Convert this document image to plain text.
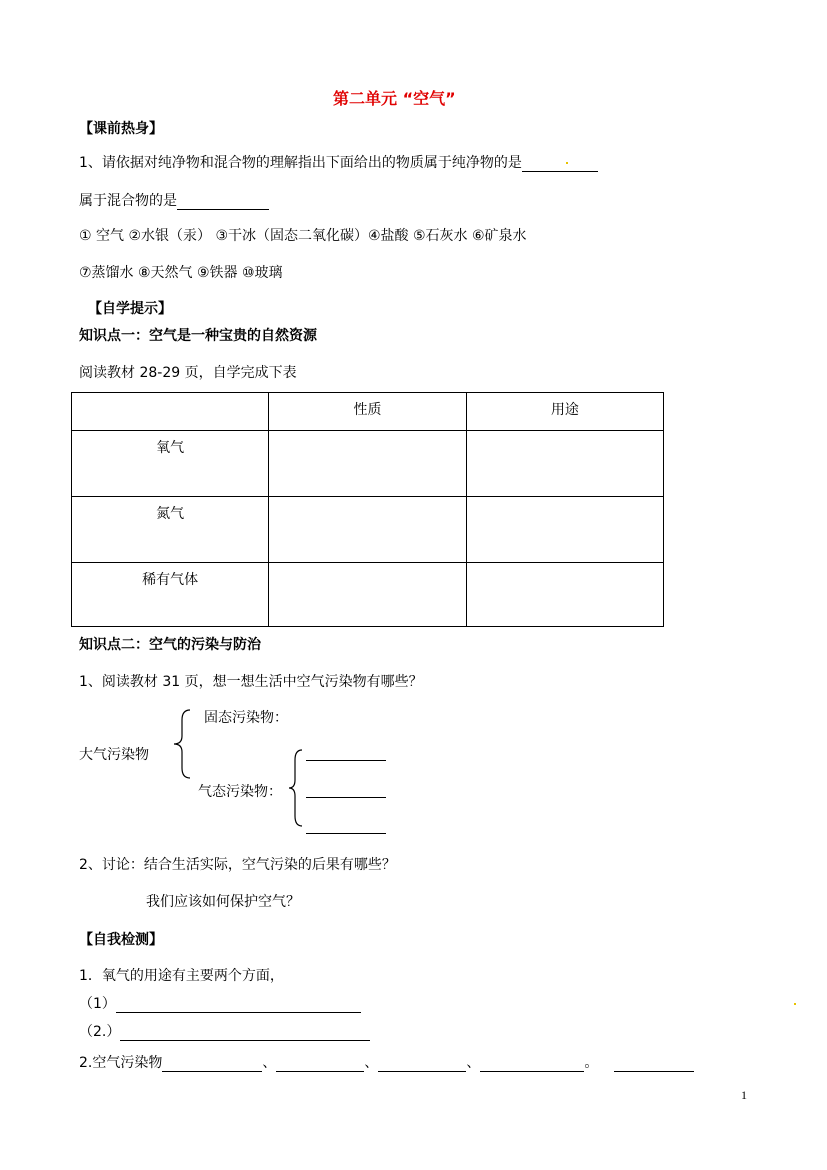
第二单元 “空气”
【课前热身】
1、请依据对纯净物和混合物的理解指出下面给出的物质属于纯净物的是
属于混合物的是
① 空气 ②水银（汞） ③干冰（固态二氧化碳）④盐酸 ⑤石灰水 ⑥矿泉水
⑦蒸馏水 ⑧天然气 ⑨铁器 ⑩玻璃
【自学提示】
知识点一：空气是一种宝贵的自然资源
阅读教材 28-29 页，自学完成下表
	性质	用途
氧气		
氮气		
稀有气体		
知识点二：空气的污染与防治
1、阅读教材 31 页，想一想生活中空气污染物有哪些？
大气污染物
固态污染物：
气态污染物：
2、讨论：结合生活实际，空气污染的后果有哪些？
我们应该如何保护空气？
【自我检测】
1．氧气的用途有主要两个方面，
（1）
（2.）
2.空气污染物	、	、	、	。
1
